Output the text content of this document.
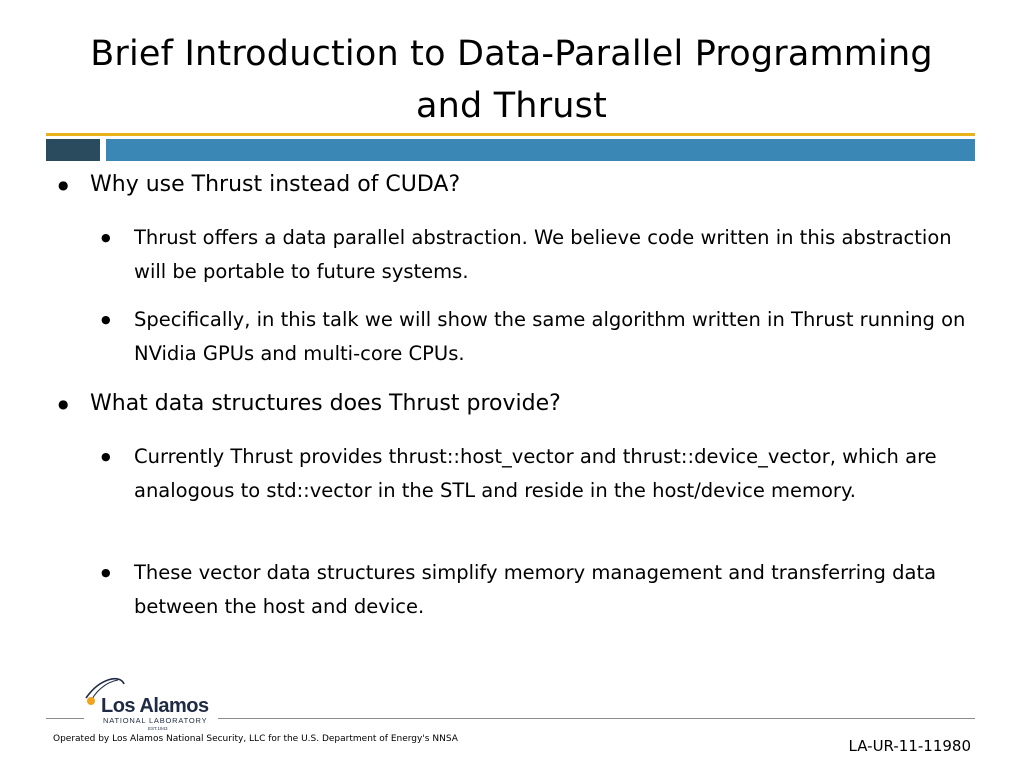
Brief Introduction to Data-Parallel Programming
and Thrust
● Why use Thrust instead of CUDA?
● Thrust offers a data parallel abstraction. We believe code written in this abstraction will be portable to future systems.
● Specifically, in this talk we will show the same algorithm written in Thrust running on NVidia GPUs and multi-core CPUs.
● What data structures does Thrust provide?
● Currently Thrust provides thrust::host_vector and thrust::device_vector, which are analogous to std::vector in the STL and reside in the host/device memory.
● These vector data structures simplify memory management and transferring data between the host and device.
Los Alamos
NATIONAL LABORATORY
EST.1943
Operated by Los Alamos National Security, LLC for the U.S. Department of Energy's NNSA	LA-UR-11-11980
